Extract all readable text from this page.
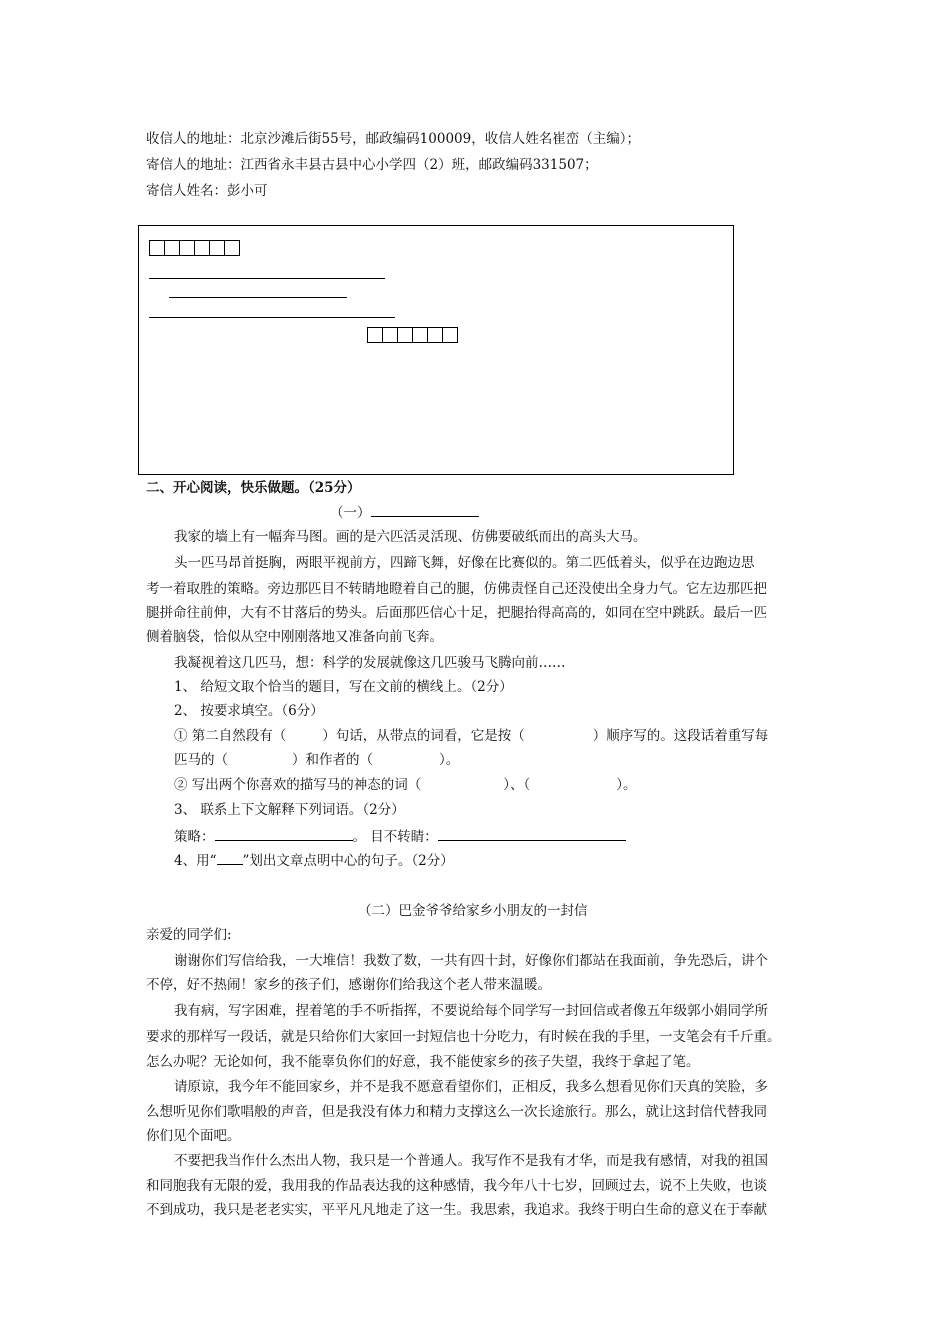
收信人的地址：北京沙滩后街55号，邮政编码100009，收信人姓名崔峦（主编）；
寄信人的地址：江西省永丰县古县中心小学四（2）班，邮政编码331507；
寄信人姓名：彭小可
二、开心阅读，快乐做题。（25分）
（一）
我家的墙上有一幅奔马图。画的是六匹活灵活现、仿佛要破纸而出的高头大马。
头一匹马昂首挺胸，两眼平视前方，四蹄飞舞，好像在比赛似的。第二匹低着头，似乎在边跑边思
考一着取胜的策略。旁边那匹目不转睛地瞪着自己的腿，仿佛责怪自己还没使出全身力气。它左边那匹把
腿拼命往前伸，大有不甘落后的势头。后面那匹信心十足，把腿抬得高高的，如同在空中跳跃。最后一匹
侧着脑袋，恰似从空中刚刚落地又准备向前飞奔。
我凝视着这几匹马，想：科学的发展就像这几匹骏马飞腾向前……
1、 给短文取个恰当的题目，写在文前的横线上。（2分）
2、 按要求填空。（6分）
① 第二自然段有（	）句话，从带点的词看，它是按（	）顺序写的。这段话着重写每
匹马的（	）和作者的（	）。
② 写出两个你喜欢的描写马的神态的词（	）、（	）。
3、 联系上下文解释下列词语。（2分）
策略：	。 目不转睛：
4、用“ ”划出文章点明中心的句子。（2分）
（二）巴金爷爷给家乡小朋友的一封信
亲爱的同学们:
谢谢你们写信给我，一大堆信！我数了数，一共有四十封，好像你们都站在我面前，争先恐后，讲个
不停，好不热闹！家乡的孩子们，感谢你们给我这个老人带来温暖。
我有病，写字困难，捏着笔的手不听指挥，不要说给每个同学写一封回信或者像五年级郭小娟同学所
要求的那样写一段话，就是只给你们大家回一封短信也十分吃力，有时候在我的手里，一支笔会有千斤重。
怎么办呢？无论如何，我不能辜负你们的好意，我不能使家乡的孩子失望，我终于拿起了笔。
请原谅，我今年不能回家乡，并不是我不愿意看望你们，正相反，我多么想看见你们天真的笑脸，多
么想听见你们歌唱般的声音，但是我没有体力和精力支撑这么一次长途旅行。那么，就让这封信代替我同
你们见个面吧。
不要把我当作什么杰出人物，我只是一个普通人。我写作不是我有才华，而是我有感情，对我的祖国
和同胞我有无限的爱，我用我的作品表达我的这种感情，我今年八十七岁，回顾过去，说不上失败，也谈
不到成功，我只是老老实实，平平凡凡地走了这一生。我思索，我追求。我终于明白生命的意义在于奉献
